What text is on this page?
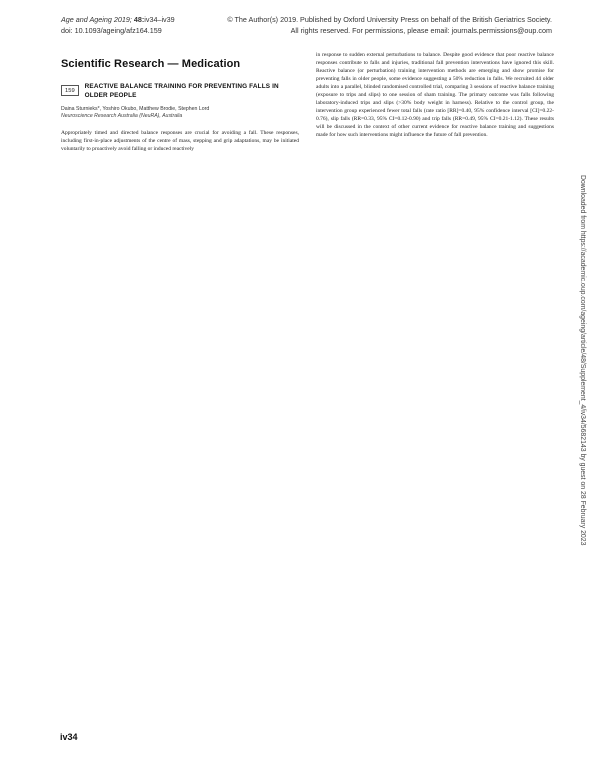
Age and Ageing 2019; 48:iv34–iv39
doi: 10.1093/ageing/afz164.159
© The Author(s) 2019. Published by Oxford University Press on behalf of the British Geriatrics Society.
All rights reserved. For permissions, please email: journals.permissions@oup.com
Scientific Research — Medication
159
REACTIVE BALANCE TRAINING FOR PREVENTING FALLS IN OLDER PEOPLE
Daina Sturnieks*, Yoshiro Okubo, Matthew Brodie, Stephen Lord
Neuroscience Research Australia (NeuRA), Australia
Appropriately timed and directed balance responses are crucial for avoiding a fall. These responses, including first-in-place adjustments of the centre of mass, stepping and grip adaptations, may be initiated voluntarily to proactively avoid falling or induced reactively
in response to sudden external perturbations to balance. Despite good evidence that poor reactive balance responses contribute to falls and injuries, traditional fall prevention interventions have ignored this skill. Reactive balance (or perturbation) training intervention methods are emerging and show promise for preventing falls in older people, some evidence suggesting a 50% reduction in falls. We recruited 44 older adults into a parallel, blinded randomised controlled trial, comparing 3 sessions of reactive balance training (exposure to trips and slips) to one session of sham training. The primary outcome was falls following laboratory-induced trips and slips (>30% body weight in harness). Relative to the control group, the intervention group experienced fewer total falls (rate ratio [RR]=0.40, 95% confidence interval [CI]=0.22-0.76), slip falls (RR=0.33, 95% CI=0.12-0.90) and trip falls (RR=0.49, 95% CI=0.21-1.12). These results will be discussed in the context of other current evidence for reactive balance training and suggestions made for how such interventions might influence the future of fall prevention.
Downloaded from https://academic.oup.com/ageing/article/48/Supplement_4/iv34/5682143 by guest on 28 February 2023
iv34
